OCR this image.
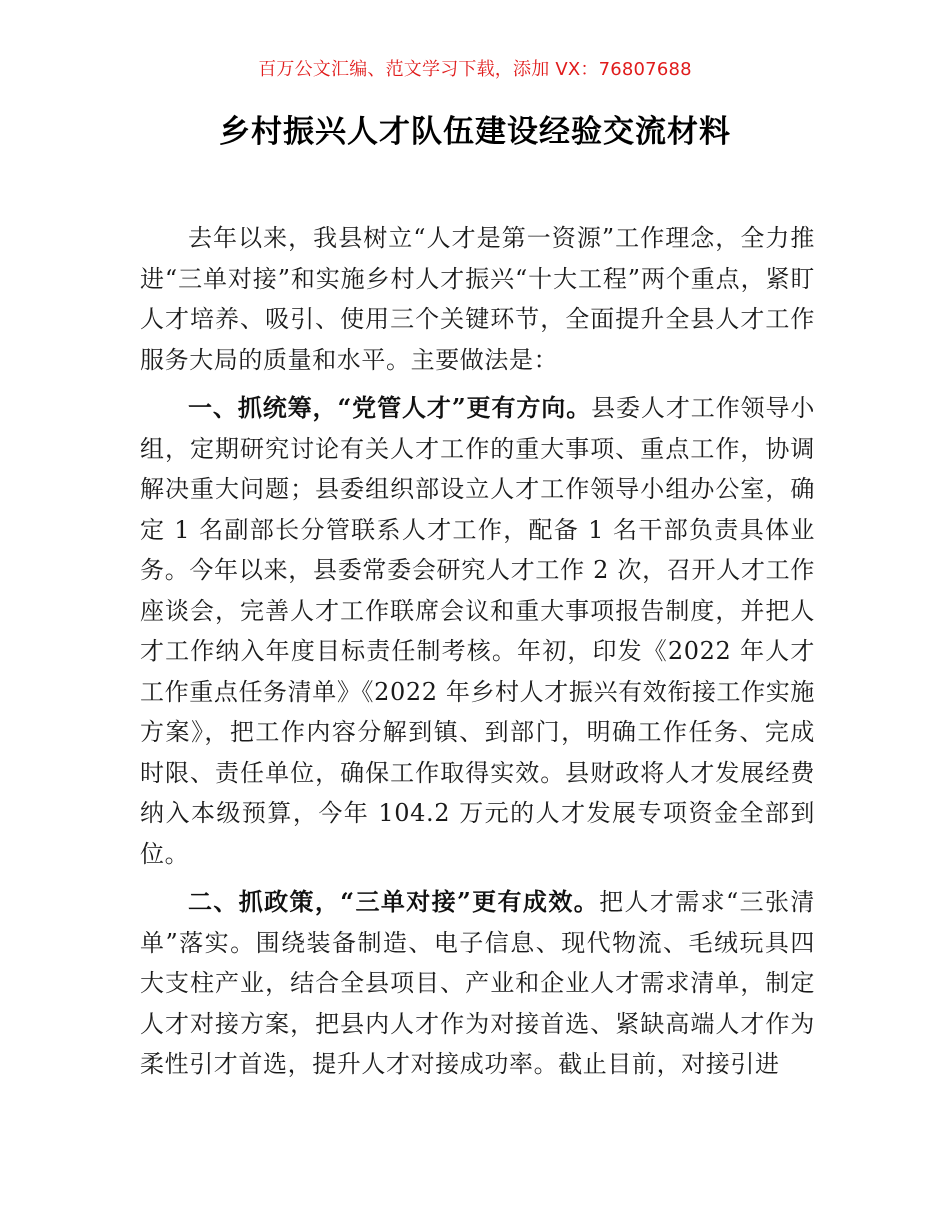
百万公文汇编、范文学习下载，添加 VX：76807688
乡村振兴人才队伍建设经验交流材料

去年以来，我县树立“人才是第一资源”工作理念，全力推进“三单对接”和实施乡村人才振兴“十大工程”两个重点，紧盯人才培养、吸引、使用三个关键环节，全面提升全县人才工作服务大局的质量和水平。主要做法是：

一、抓统筹，“党管人才”更有方向。县委人才工作领导小组，定期研究讨论有关人才工作的重大事项、重点工作，协调解决重大问题；县委组织部设立人才工作领导小组办公室，确定 1 名副部长分管联系人才工作，配备 1 名干部负责具体业务。今年以来，县委常委会研究人才工作 2 次，召开人才工作座谈会，完善人才工作联席会议和重大事项报告制度，并把人才工作纳入年度目标责任制考核。年初，印发《2022 年人才工作重点任务清单》《2022 年乡村人才振兴有效衔接工作实施方案》，把工作内容分解到镇、到部门，明确工作任务、完成时限、责任单位，确保工作取得实效。县财政将人才发展经费纳入本级预算，今年 104.2 万元的人才发展专项资金全部到位。

二、抓政策，“三单对接”更有成效。把人才需求“三张清单”落实。围绕装备制造、电子信息、现代物流、毛绒玩具四大支柱产业，结合全县项目、产业和企业人才需求清单，制定人才对接方案，把县内人才作为对接首选、紧缺高端人才作为柔性引才首选，提升人才对接成功率。截止目前，对接引进
